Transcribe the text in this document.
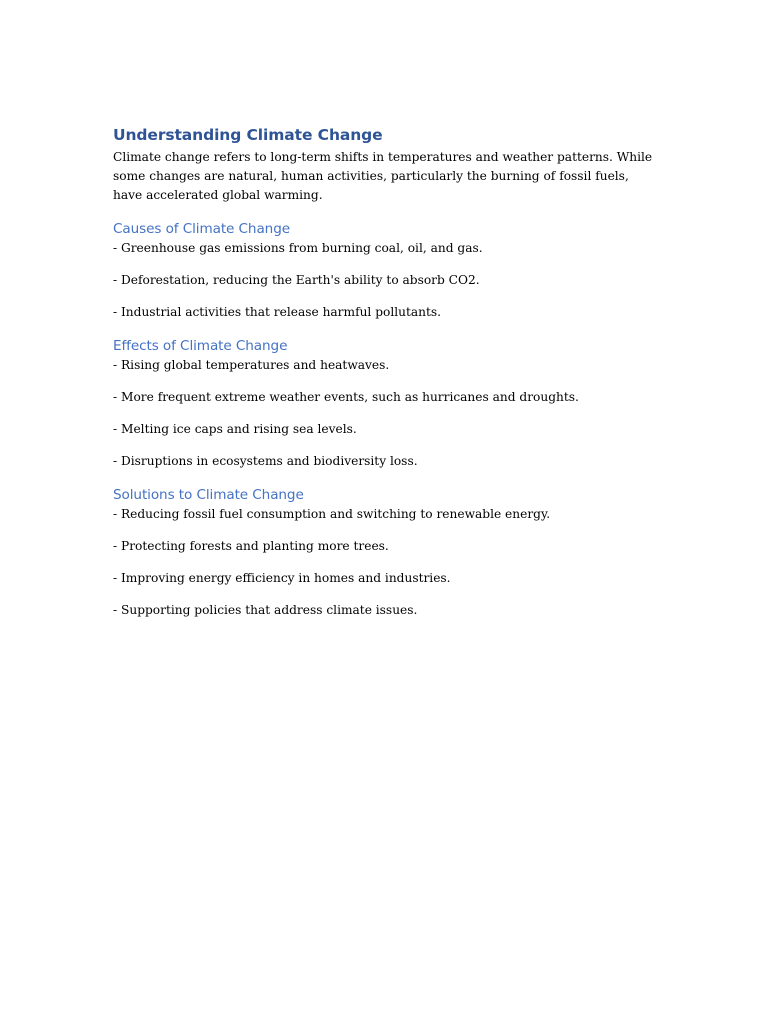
Understanding Climate Change

Climate change refers to long-term shifts in temperatures and weather patterns. While some changes are natural, human activities, particularly the burning of fossil fuels, have accelerated global warming.

Causes of Climate Change
- Greenhouse gas emissions from burning coal, oil, and gas.
- Deforestation, reducing the Earth's ability to absorb CO2.
- Industrial activities that release harmful pollutants.
Effects of Climate Change
- Rising global temperatures and heatwaves.
- More frequent extreme weather events, such as hurricanes and droughts.
- Melting ice caps and rising sea levels.
- Disruptions in ecosystems and biodiversity loss.
Solutions to Climate Change
- Reducing fossil fuel consumption and switching to renewable energy.
- Protecting forests and planting more trees.
- Improving energy efficiency in homes and industries.
- Supporting policies that address climate issues.
